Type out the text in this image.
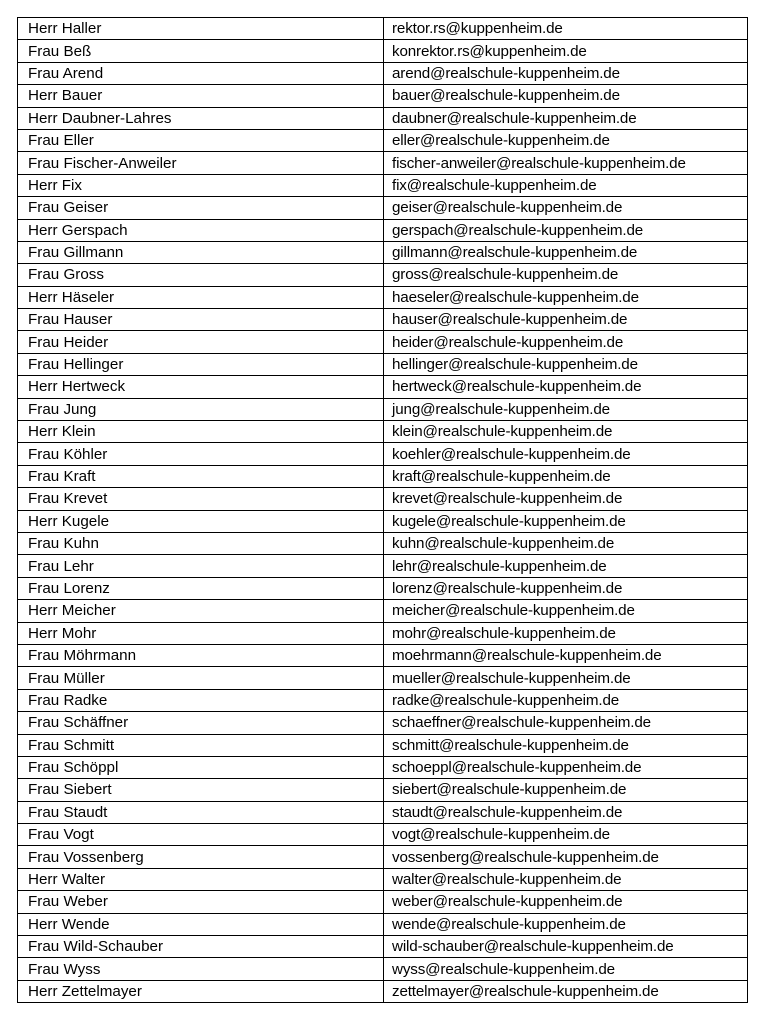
Herr Haller	rektor.rs@kuppenheim.de
Frau Beß	konrektor.rs@kuppenheim.de
Frau Arend	arend@realschule-kuppenheim.de
Herr Bauer	bauer@realschule-kuppenheim.de
Herr Daubner-Lahres	daubner@realschule-kuppenheim.de
Frau Eller	eller@realschule-kuppenheim.de
Frau Fischer-Anweiler	fischer-anweiler@realschule-kuppenheim.de
Herr Fix	fix@realschule-kuppenheim.de
Frau Geiser	geiser@realschule-kuppenheim.de
Herr Gerspach	gerspach@realschule-kuppenheim.de
Frau Gillmann	gillmann@realschule-kuppenheim.de
Frau Gross	gross@realschule-kuppenheim.de
Herr Häseler	haeseler@realschule-kuppenheim.de
Frau Hauser	hauser@realschule-kuppenheim.de
Frau Heider	heider@realschule-kuppenheim.de
Frau Hellinger	hellinger@realschule-kuppenheim.de
Herr Hertweck	hertweck@realschule-kuppenheim.de
Frau Jung	jung@realschule-kuppenheim.de
Herr Klein	klein@realschule-kuppenheim.de
Frau Köhler	koehler@realschule-kuppenheim.de
Frau Kraft	kraft@realschule-kuppenheim.de
Frau Krevet	krevet@realschule-kuppenheim.de
Herr Kugele	kugele@realschule-kuppenheim.de
Frau Kuhn	kuhn@realschule-kuppenheim.de
Frau Lehr	lehr@realschule-kuppenheim.de
Frau Lorenz	lorenz@realschule-kuppenheim.de
Herr Meicher	meicher@realschule-kuppenheim.de
Herr Mohr	mohr@realschule-kuppenheim.de
Frau Möhrmann	moehrmann@realschule-kuppenheim.de
Frau Müller	mueller@realschule-kuppenheim.de
Frau Radke	radke@realschule-kuppenheim.de
Frau Schäffner	schaeffner@realschule-kuppenheim.de
Frau Schmitt	schmitt@realschule-kuppenheim.de
Frau Schöppl	schoeppl@realschule-kuppenheim.de
Frau Siebert	siebert@realschule-kuppenheim.de
Frau Staudt	staudt@realschule-kuppenheim.de
Frau Vogt	vogt@realschule-kuppenheim.de
Frau Vossenberg	vossenberg@realschule-kuppenheim.de
Herr Walter	walter@realschule-kuppenheim.de
Frau Weber	weber@realschule-kuppenheim.de
Herr Wende	wende@realschule-kuppenheim.de
Frau Wild-Schauber	wild-schauber@realschule-kuppenheim.de
Frau Wyss	wyss@realschule-kuppenheim.de
Herr Zettelmayer	zettelmayer@realschule-kuppenheim.de
